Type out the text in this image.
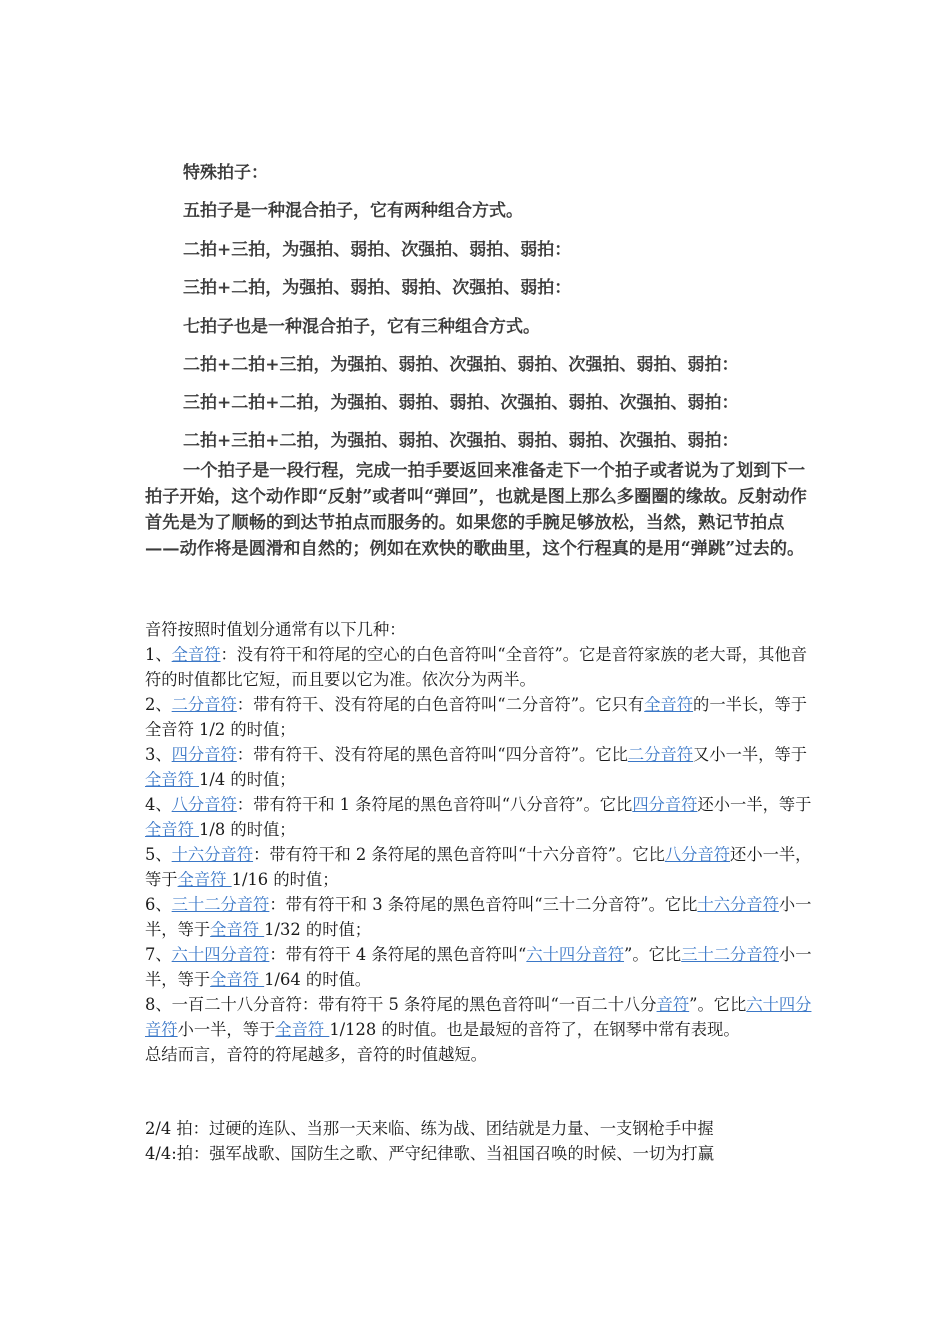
特殊拍子：
五拍子是一种混合拍子，它有两种组合方式。
二拍+三拍，为强拍、弱拍、次强拍、弱拍、弱拍：
三拍+二拍，为强拍、弱拍、弱拍、次强拍、弱拍：
七拍子也是一种混合拍子，它有三种组合方式。
二拍+二拍+三拍，为强拍、弱拍、次强拍、弱拍、次强拍、弱拍、弱拍：
三拍+二拍+二拍，为强拍、弱拍、弱拍、次强拍、弱拍、次强拍、弱拍：
二拍+三拍+二拍，为强拍、弱拍、次强拍、弱拍、弱拍、次强拍、弱拍：

一个拍子是一段行程，完成一拍手要返回来准备走下一个拍子或者说为了划到下一拍子开始，这个动作即“反射”或者叫“弹回”，也就是图上那么多圈圈的缘故。反射动作首先是为了顺畅的到达节拍点而服务的。如果您的手腕足够放松，当然，熟记节拍点——动作将是圆滑和自然的；例如在欢快的歌曲里，这个行程真的是用“弹跳”过去的。

音符按照时值划分通常有以下几种：

1、全音符：没有符干和符尾的空心的白色音符叫“全音符”。它是音符家族的老大哥，其他音符的时值都比它短，而且要以它为准。依次分为两半。

2、二分音符：带有符干、没有符尾的白色音符叫“二分音符”。它只有全音符的一半长，等于全音符 1/2 的时值；

3、四分音符：带有符干、没有符尾的黑色音符叫“四分音符”。它比二分音符又小一半，等于全音符 1/4 的时值；

4、八分音符：带有符干和 1 条符尾的黑色音符叫“八分音符”。它比四分音符还小一半，等于全音符 1/8 的时值；

5、十六分音符：带有符干和 2 条符尾的黑色音符叫“十六分音符”。它比八分音符还小一半，等于全音符 1/16 的时值；

6、三十二分音符：带有符干和 3 条符尾的黑色音符叫“三十二分音符”。它比十六分音符小一半，等于全音符 1/32 的时值；

7、六十四分音符：带有符干 4 条符尾的黑色音符叫“六十四分音符”。它比三十二分音符小一半，等于全音符 1/64 的时值。

8、一百二十八分音符：带有符干 5 条符尾的黑色音符叫“一百二十八分音符”。它比六十四分音符小一半，等于全音符 1/128 的时值。也是最短的音符了，在钢琴中常有表现。

总结而言，音符的符尾越多，音符的时值越短。

2/4 拍：过硬的连队、当那一天来临、练为战、团结就是力量、一支钢枪手中握

4/4:拍：强军战歌、国防生之歌、严守纪律歌、当祖国召唤的时候、一切为打赢
